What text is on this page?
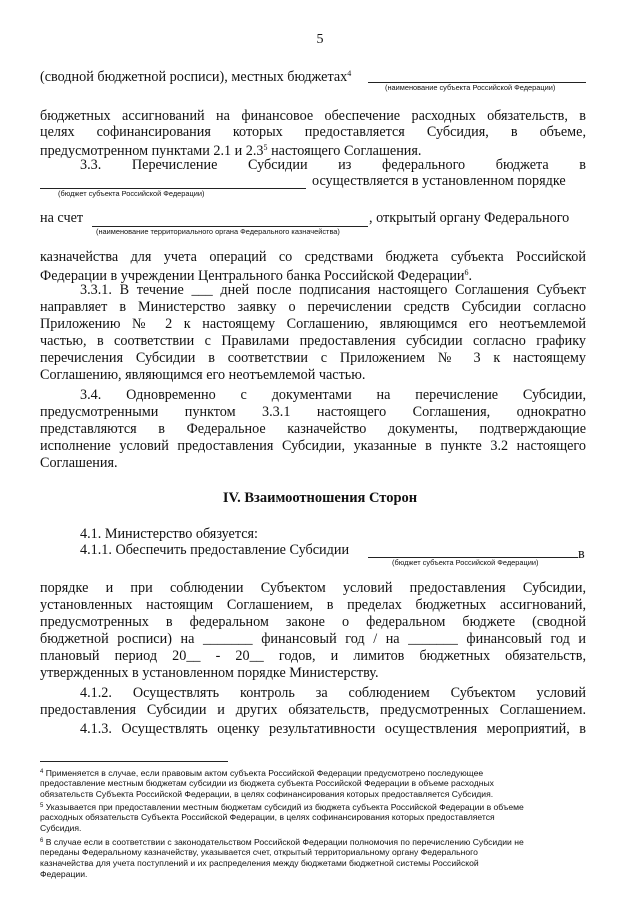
5
(сводной бюджетной росписи), местных бюджетах$^4$
(наименование субъекта Российской Федерации)
бюджетных ассигнований на финансовое обеспечение расходных обязательств, в
целях софинансирования которых предоставляется Субсидия, в объеме,
предусмотренном пунктами 2.1 и $2.3^5$ настоящего Соглашения.
3.3. Перечисление Субсидии из федерального бюджета в
осуществляется в установленном порядке
(бюджет субъекта Российской Федерации)
на счет	, открытый органу Федерального
(наименование территориального органа Федерального казначейства)
казначейства для учета операций со средствами бюджета субъекта Российской
Федерации в учреждении Центрального банка Российской Федерации$^6$.
3.3.1. В течение ___ дней после подписания настоящего Соглашения Субъект
направляет в Министерство заявку о перечислении средств Субсидии согласно
Приложению № 2 к настоящему Соглашению, являющимся его неотъемлемой
частью, в соответствии с Правилами предоставления субсидии согласно графику
перечисления Субсидии в соответствии с Приложением № 3 к настоящему
Соглашению, являющимся его неотъемлемой частью.
3.4. Одновременно с документами на перечисление Субсидии,
предусмотренными пунктом 3.3.1 настоящего Соглашения, однократно
представляются в Федеральное казначейство документы, подтверждающие
исполнение условий предоставления Субсидии, указанные в пункте 3.2 настоящего
Соглашения.
IV. Взаимоотношения Сторон
4.1. Министерство обязуется:
4.1.1. Обеспечить предоставление Субсидии	в
(бюджет субъекта Российской Федерации)
порядке и при соблюдении Субъектом условий предоставления Субсидии,
установленных настоящим Соглашением, в пределах бюджетных ассигнований,
предусмотренных в федеральном законе о федеральном бюджете (сводной
бюджетной росписи) на _______ финансовый год / на _______ финансовый год и
плановый период 20__ - 20__ годов, и лимитов бюджетных обязательств,
утвержденных в установленном порядке Министерству.
4.1.2. Осуществлять контроль за соблюдением Субъектом условий
предоставления Субсидии и других обязательств, предусмотренных Соглашением.
4.1.3. Осуществлять оценку результативности осуществления мероприятий, в
$^4$ Применяется в случае, если правовым актом субъекта Российской Федерации предусмотрено последующее
предоставление местным бюджетам субсидии из бюджета субъекта Российской Федерации в объеме расходных
обязательств Субъекта Российской Федерации, в целях софинансирования которых предоставляется Субсидия.
$^5$ Указывается при предоставлении местным бюджетам субсидий из бюджета субъекта Российской Федерации в объеме
расходных обязательств Субъекта Российской Федерации, в целях софинансирования которых предоставляется
Субсидия.
$^6$ В случае если в соответствии с законодательством Российской Федерации полномочия по перечислению Субсидии не
переданы Федеральному казначейству, указывается счет, открытый территориальному органу Федерального
казначейства для учета поступлений и их распределения между бюджетами бюджетной системы Российской
Федерации.
